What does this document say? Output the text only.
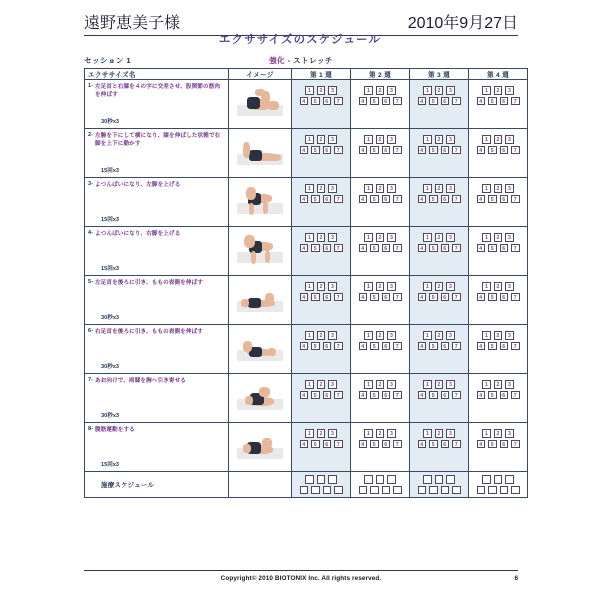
遠野恵美子様	2010年9月27日
エクササイズのスケジュール
セッション 1	強化 - ストレッチ
エクササイズ名	イメージ	第 1 週	第 2 週	第 3 週	第 4 週

1- 左足首と右膝を４の字に交差させ、股関節の筋肉を伸ばす
30秒x3

1	2	3
4	5	6	7

1	2	3
4	5	6	7

1	2	3
4	5	6	7

1	2	3
4	5	6	7

2- 左腕を下にして横になり、膝を伸ばした状態で右脚を上下に動かす
15回x3

1	2	3
4	5	6	7

1	2	3
4	5	6	7

1	2	3
4	5	6	7

1	2	3
4	5	6	7

3- よつんばいになり、左脚を上げる
15回x3

1	2	3
4	5	6	7

1	2	3
4	5	6	7

1	2	3
4	5	6	7

1	2	3
4	5	6	7

4- よつんばいになり、右脚を上げる
15回x3

1	2	3
4	5	6	7

1	2	3
4	5	6	7

1	2	3
4	5	6	7

1	2	3
4	5	6	7

5- 左足首を後ろに引き、ももの表側を伸ばす
30秒x3

1	2	3
4	5	6	7

1	2	3
4	5	6	7

1	2	3
4	5	6	7

1	2	3
4	5	6	7

6- 右足首を後ろに引き、ももの表側を伸ばす
30秒x3

1	2	3
4	5	6	7

1	2	3
4	5	6	7

1	2	3
4	5	6	7

1	2	3
4	5	6	7

7- あお向けで、両膝を胸へ引き寄せる
30秒x3

1	2	3
4	5	6	7

1	2	3
4	5	6	7

1	2	3
4	5	6	7

1	2	3
4	5	6	7

8- 腹筋運動をする
15回x3

1	2	3
4	5	6	7

1	2	3
4	5	6	7

1	2	3
4	5	6	7

1	2	3
4	5	6	7

施療スケジュール					

Copyright© 2010 BIOTONIX Inc. All rights reserved.	6
